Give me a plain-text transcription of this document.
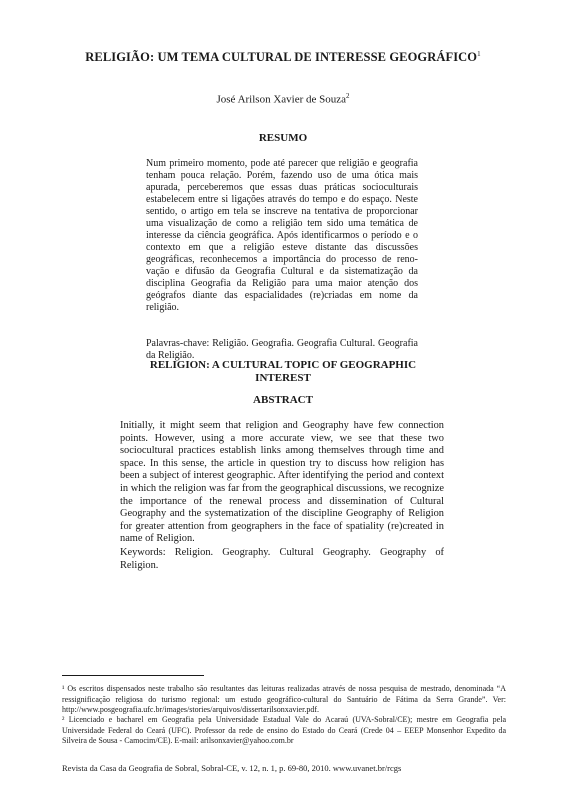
RELIGIÃO: UM TEMA CULTURAL DE INTERESSE GEOGRÁFICO$^1$
José Arilson Xavier de Souza$^2$
RESUMO
Num primeiro momento, pode até parecer que religião e geografia tenham pouca relação. Porém, fazendo uso de uma ótica mais apurada, perceberemos que essas duas práticas socioculturais estabelecem entre si ligações através do tempo e do espaço. Neste sentido, o artigo em tela se inscreve na tentativa de proporcionar uma visualização de como a religião tem sido uma temática de interesse da ciência geográfica. Após identificarmos o período e o contexto em que a religião esteve distante das discussões geográficas, reconhecemos a importância do processo de reno-vação e difusão da Geografia Cultural e da sistematização da disciplina Geografia da Religião para uma maior atenção dos geógrafos diante das espacialidades (re)criadas em nome da religião.
Palavras-chave: Religião. Geografia. Geografia Cultural. Geografia da Religião.
RELIGION: A CULTURAL TOPIC OF GEOGRAPHIC INTEREST
ABSTRACT
Initially, it might seem that religion and Geography have few connection points. However, using a more accurate view, we see that these two sociocultural practices establish links among themselves through time and space. In this sense, the article in question try to discuss how religion has been a subject of interest geographic. After identifying the period and context in which the religion was far from the geographical discussions, we recognize the importance of the renewal process and dissemination of Cultural Geography and the systematization of the discipline Geography of Religion for greater attention from geographers in the face of spatiality (re)created in name of Religion.
Keywords: Religion. Geography. Cultural Geography. Geography of Religion.
¹ Os escritos dispensados neste trabalho são resultantes das leituras realizadas através de nossa pesquisa de mestrado, denominada “A ressignificação religiosa do turismo regional: um estudo geográfico-cultural do Santuário de Fátima da Serra Grande”. Ver: http://www.posgeografia.ufc.br/images/stories/arquivos/dissertarilsonxavier.pdf.
² Licenciado e bacharel em Geografia pela Universidade Estadual Vale do Acaraú (UVA-Sobral/CE); mestre em Geografia pela Universidade Federal do Ceará (UFC). Professor da rede de ensino do Estado do Ceará (Crede 04 – EEEP Monsenhor Expedito da Silveira de Sousa - Camocim/CE). E-mail: arilsonxavier@yahoo.com.br
Revista da Casa da Geografia de Sobral, Sobral-CE, v. 12, n. 1, p. 69-80, 2010. www.uvanet.br/rcgs
